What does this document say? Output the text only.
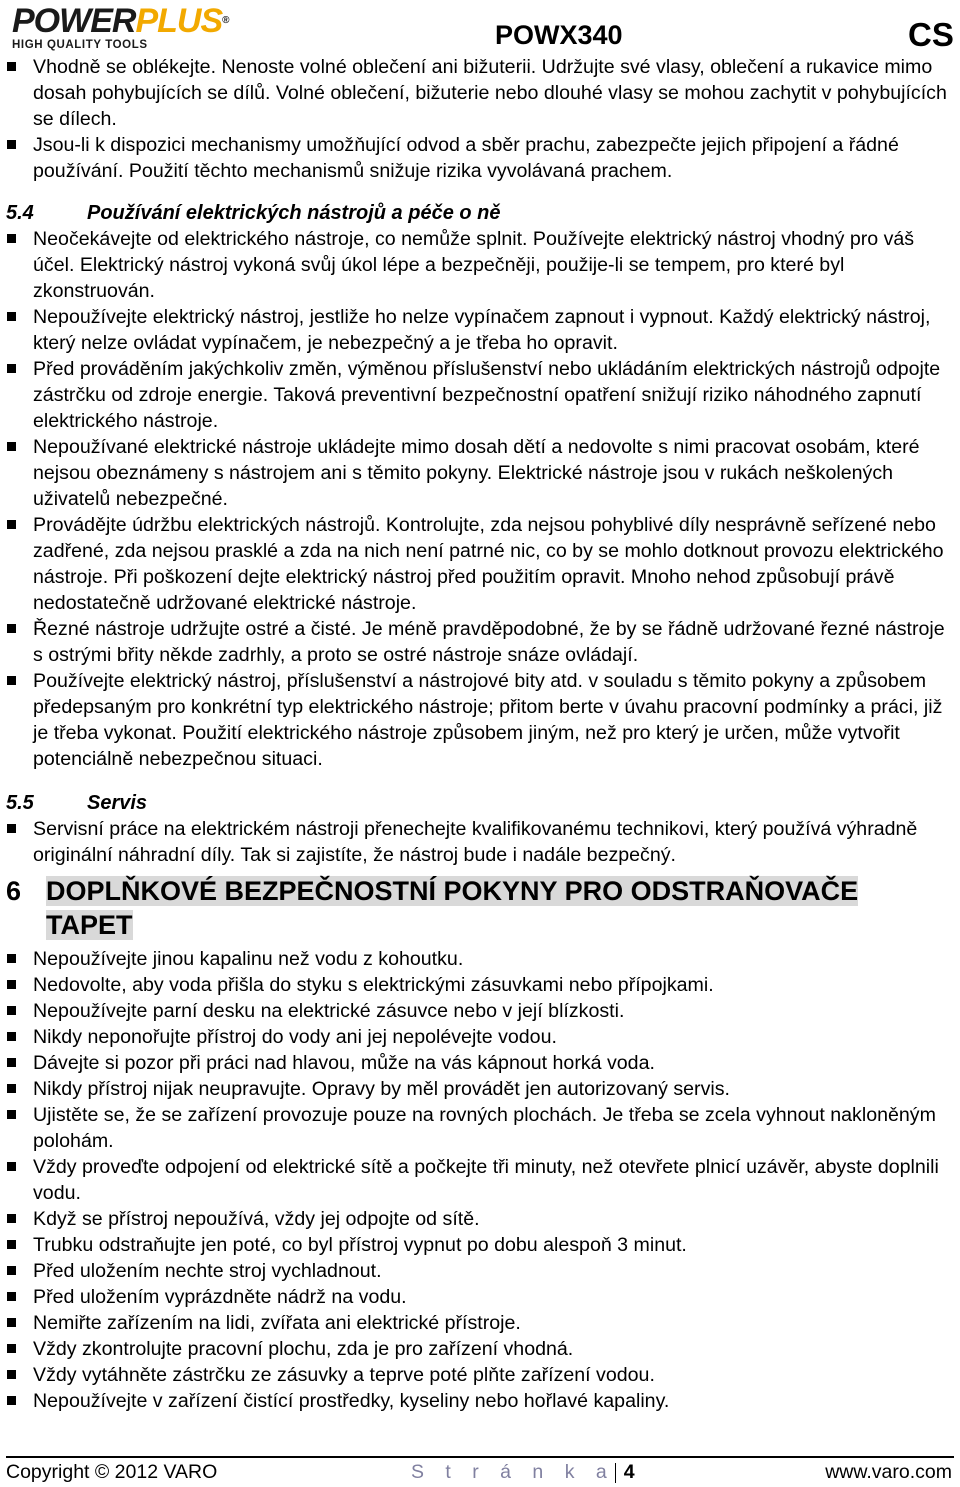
POWERPLUS®
HIGH QUALITY TOOLS	POWX340	CS
Vhodně se oblékejte. Nenoste volné oblečení ani bižuterii. Udržujte své vlasy, oblečení a rukavice mimo dosah pohybujících se dílů. Volné oblečení, bižuterie nebo dlouhé vlasy se mohou zachytit v pohybujících se dílech.
Jsou-li k dispozici mechanismy umožňující odvod a sběr prachu, zabezpečte jejich připojení a řádné používání. Použití těchto mechanismů snižuje rizika vyvolávaná prachem.
5.4	Používání elektrických nástrojů a péče o ně
Neočekávejte od elektrického nástroje, co nemůže splnit. Používejte elektrický nástroj vhodný pro váš účel. Elektrický nástroj vykoná svůj úkol lépe a bezpečněji, použije-li se tempem, pro které byl zkonstruován.
Nepoužívejte elektrický nástroj, jestliže ho nelze vypínačem zapnout i vypnout. Každý elektrický nástroj, který nelze ovládat vypínačem, je nebezpečný a je třeba ho opravit.
Před prováděním jakýchkoliv změn, výměnou příslušenství nebo ukládáním elektrických nástrojů odpojte zástrčku od zdroje energie. Taková preventivní bezpečnostní opatření snižují riziko náhodného zapnutí elektrického nástroje.
Nepoužívané elektrické nástroje ukládejte mimo dosah dětí a nedovolte s nimi pracovat osobám, které nejsou obeznámeny s nástrojem ani s těmito pokyny. Elektrické nástroje jsou v rukách neškolených uživatelů nebezpečné.
Provádějte údržbu elektrických nástrojů. Kontrolujte, zda nejsou pohyblivé díly nesprávně seřízené nebo zadřené, zda nejsou prasklé a zda na nich není patrné nic, co by se mohlo dotknout provozu elektrického nástroje. Při poškození dejte elektrický nástroj před použitím opravit. Mnoho nehod způsobují právě nedostatečně udržované elektrické nástroje.
Řezné nástroje udržujte ostré a čisté. Je méně pravděpodobné, že by se řádně udržované řezné nástroje s ostrými břity někde zadrhly, a proto se ostré nástroje snáze ovládají.
Používejte elektrický nástroj, příslušenství a nástrojové bity atd. v souladu s těmito pokyny a způsobem předepsaným pro konkrétní typ elektrického nástroje; přitom berte v úvahu pracovní podmínky a práci, již je třeba vykonat. Použití elektrického nástroje způsobem jiným, než pro který je určen, může vytvořit potenciálně nebezpečnou situaci.
5.5	Servis
Servisní práce na elektrickém nástroji přenechejte kvalifikovanému technikovi, který používá výhradně originální náhradní díly. Tak si zajistíte, že nástroj bude i nadále bezpečný.
6 DOPLŇKOVÉ BEZPEČNOSTNÍ POKYNY PRO ODSTRAŇOVAČE
TAPET
Nepoužívejte jinou kapalinu než vodu z kohoutku.
Nedovolte, aby voda přišla do styku s elektrickými zásuvkami nebo přípojkami.
Nepoužívejte parní desku na elektrické zásuvce nebo v její blízkosti.
Nikdy neponořujte přístroj do vody ani jej nepolévejte vodou.
Dávejte si pozor při práci nad hlavou, může na vás kápnout horká voda.
Nikdy přístroj nijak neupravujte. Opravy by měl provádět jen autorizovaný servis.
Ujistěte se, že se zařízení provozuje pouze na rovných plochách. Je třeba se zcela vyhnout nakloněným polohám.
Vždy proveďte odpojení od elektrické sítě a počkejte tři minuty, než otevřete plnicí uzávěr, abyste doplnili vodu.
Když se přístroj nepoužívá, vždy jej odpojte od sítě.
Trubku odstraňujte jen poté, co byl přístroj vypnut po dobu alespoň 3 minut.
Před uložením nechte stroj vychladnout.
Před uložením vyprázdněte nádrž na vodu.
Nemiřte zařízením na lidi, zvířata ani elektrické přístroje.
Vždy zkontrolujte pracovní plochu, zda je pro zařízení vhodná.
Vždy vytáhněte zástrčku ze zásuvky a teprve poté plňte zařízení vodou.
Nepoužívejte v zařízení čistící prostředky, kyseliny nebo hořlavé kapaliny.
Copyright © 2012 VARO	S t r á n k a 4	www.varo.com
